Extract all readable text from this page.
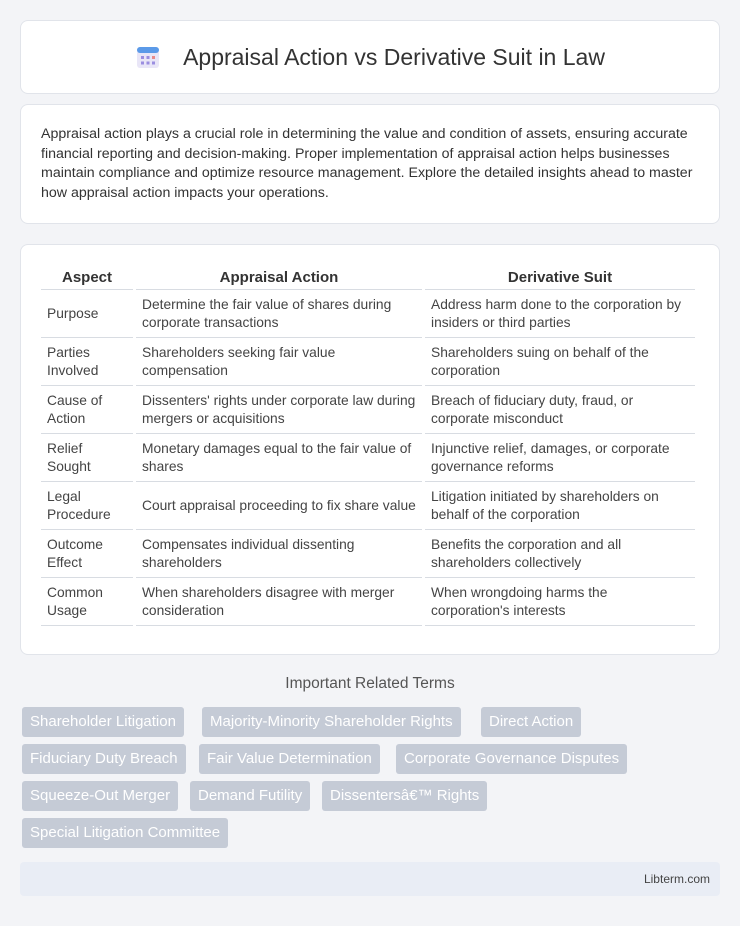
Appraisal Action vs Derivative Suit in Law

Appraisal action plays a crucial role in determining the value and condition of assets, ensuring accurate financial reporting and decision-making. Proper implementation of appraisal action helps businesses maintain compliance and optimize resource management. Explore the detailed insights ahead to master how appraisal action impacts your operations.

Aspect	Appraisal Action	Derivative Suit
Purpose	Determine the fair value of shares during corporate transactions	Address harm done to the corporation by insiders or third parties
Parties Involved	Shareholders seeking fair value compensation	Shareholders suing on behalf of the corporation
Cause of Action	Dissenters' rights under corporate law during mergers or acquisitions	Breach of fiduciary duty, fraud, or corporate misconduct
Relief Sought	Monetary damages equal to the fair value of shares	Injunctive relief, damages, or corporate governance reforms
Legal Procedure	Court appraisal proceeding to fix share value	Litigation initiated by shareholders on behalf of the corporation
Outcome Effect	Compensates individual dissenting shareholders	Benefits the corporation and all shareholders collectively
Common Usage	When shareholders disagree with merger consideration	When wrongdoing harms the corporation's interests
Important Related Terms
Shareholder Litigation	Majority-Minority Shareholder Rights	Direct Action
Fiduciary Duty Breach	Fair Value Determination	Corporate Governance Disputes
Squeeze-Out Merger	Demand Futility	Dissentersâ€™ Rights
Special Litigation Committee
Libterm.com
